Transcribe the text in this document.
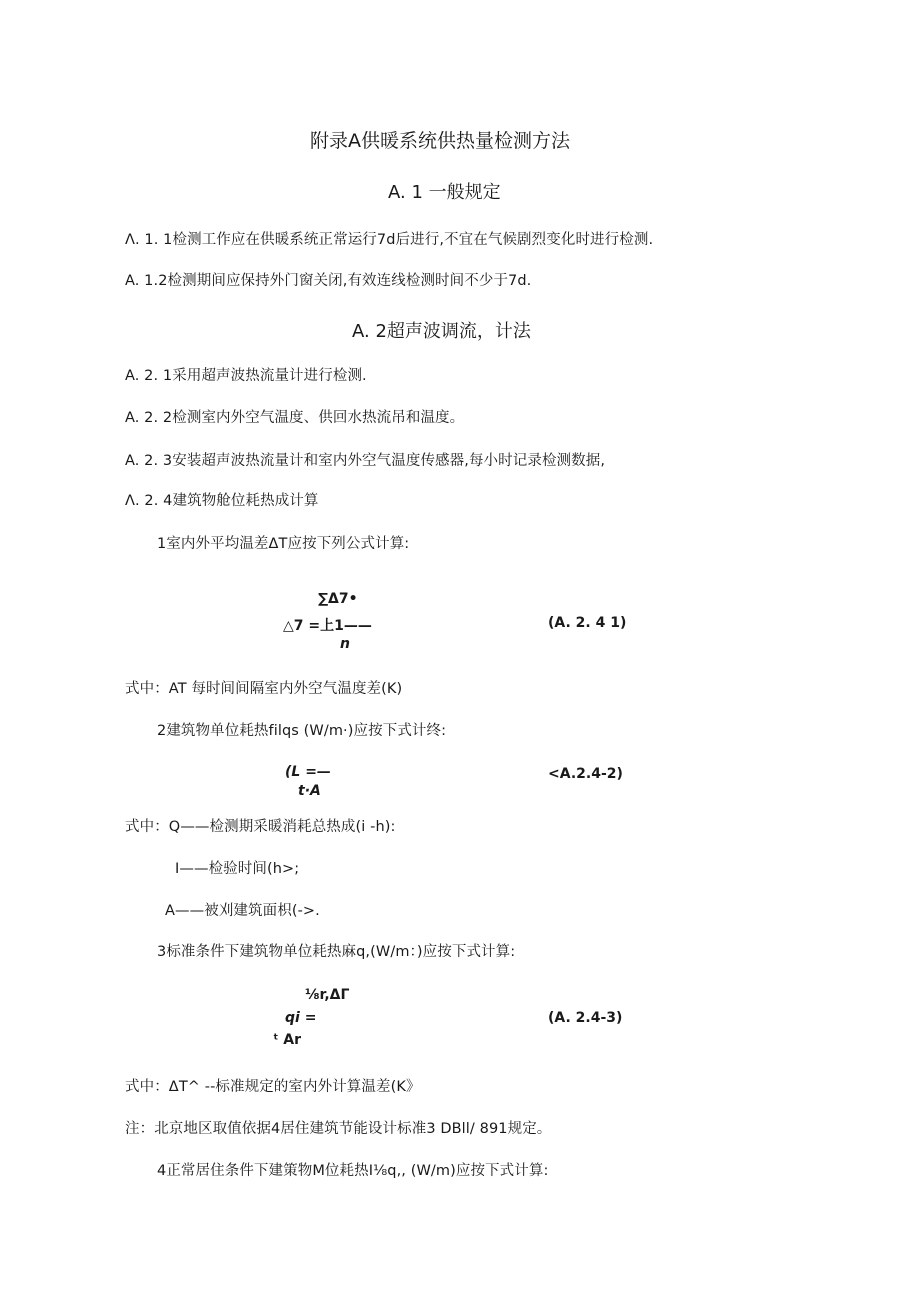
附录A供暖系统供热量检测方法
A. 1 一般规定
Λ. 1. 1检测工作应在供暖系统正常运行7d后进行,不宜在气候剧烈变化时进行检测.
A. 1.2检测期间应保持外门窗关闭,有效连线检测时间不少于7d.
A. 2超声波调流，计法
A. 2. 1采用超声波热流量计进行检测.
A. 2. 2检测室内外空气温度、供回水热流吊和温度。
A. 2. 3安装超声波热流量计和室内外空气温度传感器,每小时记录检测数据,
Λ. 2. 4建筑物舱位耗热成计算
1室内外平均温差ΔT应按下列公式计算:
∑Δ7•
△7 =上1——
n
(A. 2. 4 1)
式中：AT 每时间间隔室内外空气温度差(K)
2建筑物单位耗热filqs (W/m·)应按下式计终:
(L =—
t·A
<A.2.4-2)
式中：Q——检测期采暖消耗总热成(i -h):
I——检验时间(h>;
A——被刈建筑面枳(->.
3标准条件下建筑物单位耗热麻q,(W/m：)应按下式计算:
⅛r,ΔΓ
qi =
ᵗ Ar
(A. 2.4-3)
式中：ΔT^ --标准规定的室内外计算温差(K》
注：北京地区取值依据4居住建筑节能设计标准3 DBll/ 891规定。
4正常居住条件下建策物M位耗热I⅛q,, (W/m)应按下式计算:
